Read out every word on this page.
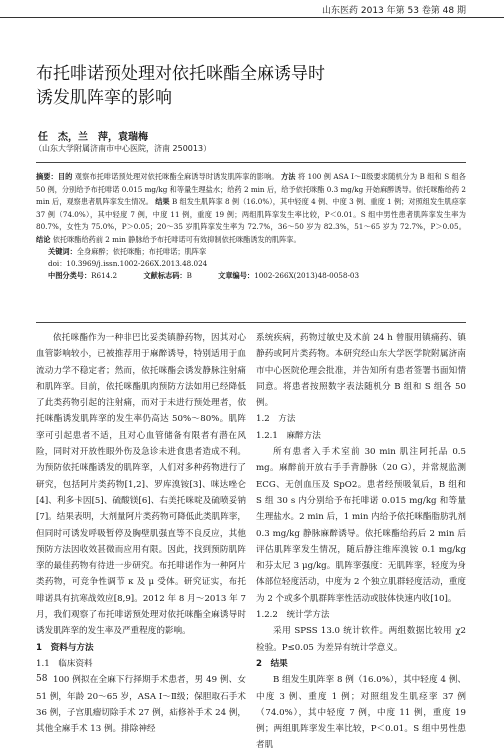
山东医药 2013 年第 53 卷第 48 期
布托啡诺预处理对依托咪酯全麻诱导时
诱发肌阵挛的影响
任　杰，兰　萍，袁瑞梅
（山东大学附属济南市中心医院，济南 250013）
摘要：目的 观察布托啡诺预处理对依托咪酯全麻诱导时诱发肌阵挛的影响。 方法 将 100 例 ASA Ⅰ～Ⅱ级要求随机分为 B 组和 S 组各 50 例，分别给予布托啡诺 0.015 mg/kg 和等量生理盐水；给药 2 min 后，给予依托咪酯 0.3 mg/kg 开始麻醉诱导。依托咪酯给药 2 min 后，观察患者肌阵挛发生情况。 结果 B 组发生肌阵挛 8 例（16.0%），其中轻度 4 例、中度 3 例、重度 1 例；对照组发生肌痉挛 37 例（74.0%），其中轻度 7 例，中度 11 例，重度 19 例；两组肌阵挛发生率比较，P＜0.01。S 组中男性患者肌阵挛发生率为 80.7%，女性为 75.0%，P＞0.05；20～35 岁肌阵挛发生率为 72.7%，36～50 岁为 82.3%，51～65 岁为 72.7%，P＞0.05。 结论 依托咪酯给药前 2 min 静脉给予布托啡诺可有效抑制依托咪酯诱发的肌阵挛。
关键词：全身麻醉；依托咪酯；布托啡诺；肌阵挛
doi：10.3969/j.issn.1002-266X.2013.48.024
中图分类号：R614.2	文献标志码：B	文章编号：1002-266X(2013)48-0058-03

依托咪酯作为一种非巴比妥类镇静药物，因其对心血管影响较小，已被推荐用于麻醉诱导，特别适用于血流动力学不稳定者；然而，依托咪酯会诱发静脉注射痛和肌阵挛。目前，依托咪酯肌肉预防方法如用已经降低了此类药物引起的注射痛，而对于未进行预处理者，依托咪酯诱发肌阵挛的发生率仍高达 50%～80%。肌阵挛可引起患者不适，且对心血管储备有限者有潜在风险，同时对开放性眼外伤及急诊未进食患者造成不利。为预防依托咪酯诱发的肌阵挛，人们对多种药物进行了研究，包括阿片类药物[1,2]、罗库溴铵[3]、咪达唑仑[4]、利多卡因[5]、硫酸镁[6]、右美托咪啶及硫喷妥钠[7]。结果表明，大剂量阿片类药物可降低此类肌阵挛，但同时可诱发呼吸暂停及胸壁肌强直等不良反应，其他预防方法因收效甚微而应用有限。因此，找到预防肌阵挛的最佳药物有待进一步研究。布托啡诺作为一种阿片类药物，可竞争性调节 κ 及 μ 受体。研究证实，布托啡诺具有抗寒战效应[8,9]。2012 年 8 月～2013 年 7 月，我们观察了布托啡诺预处理对依托咪酯全麻诱导时诱发肌阵挛的发生率及严重程度的影响。

1　资料与方法

1.1　临床资料

100 例拟在全麻下行择期手术患者，男 49 例、女 51 例，年龄 20～65 岁，ASA Ⅰ～Ⅱ级；保胆取石手术 36 例，子宫肌瘤切除手术 27 例，疝修补手术 24 例，其他全麻手术 13 例。排除神经

系统疾病，药物过敏史及术前 24 h 曾服用镇痛药、镇静药或阿片类药物。本研究经山东大学医学院附属济南市中心医院伦理会批准，并告知所有患者签署书面知情同意。将患者按照数字表法随机分 B 组和 S 组各 50 例。

1.2　方法

1.2.1　麻醉方法

所有患者入手术室前 30 min 肌注阿托品 0.5 mg。麻醉前开放右手手背静脉（20 G），并常规监测 ECG、无创血压及 SpO2。患者经预吸氧后，B 组和 S 组 30 s 内分别给予布托啡诺 0.015 mg/kg 和等量生理盐水。2 min 后，1 min 内给予依托咪酯脂肪乳剂 0.3 mg/kg 静脉麻醉诱导。依托咪酯给药后 2 min 后评估肌阵挛发生情况，随后静注维库溴铵 0.1 mg/kg 和芬太尼 3 μg/kg。肌阵挛强度：无肌阵挛，轻度为身体部位轻度活动，中度为 2 个独立肌群轻度活动，重度为 2 个或多个肌群阵挛性活动或肢体快速内收[10]。

1.2.2　统计学方法

采用 SPSS 13.0 统计软件。两组数据比较用 χ2 检验。P≤0.05 为差异有统计学意义。

2　结果

B 组发生肌阵挛 8 例（16.0%），其中轻度 4 例、中度 3 例、重度 1 例；对照组发生肌痉挛 37 例（74.0%），其中轻度 7 例，中度 11 例，重度 19 例；两组肌阵挛发生率比较，P＜0.01。S 组中男性患者肌

58
